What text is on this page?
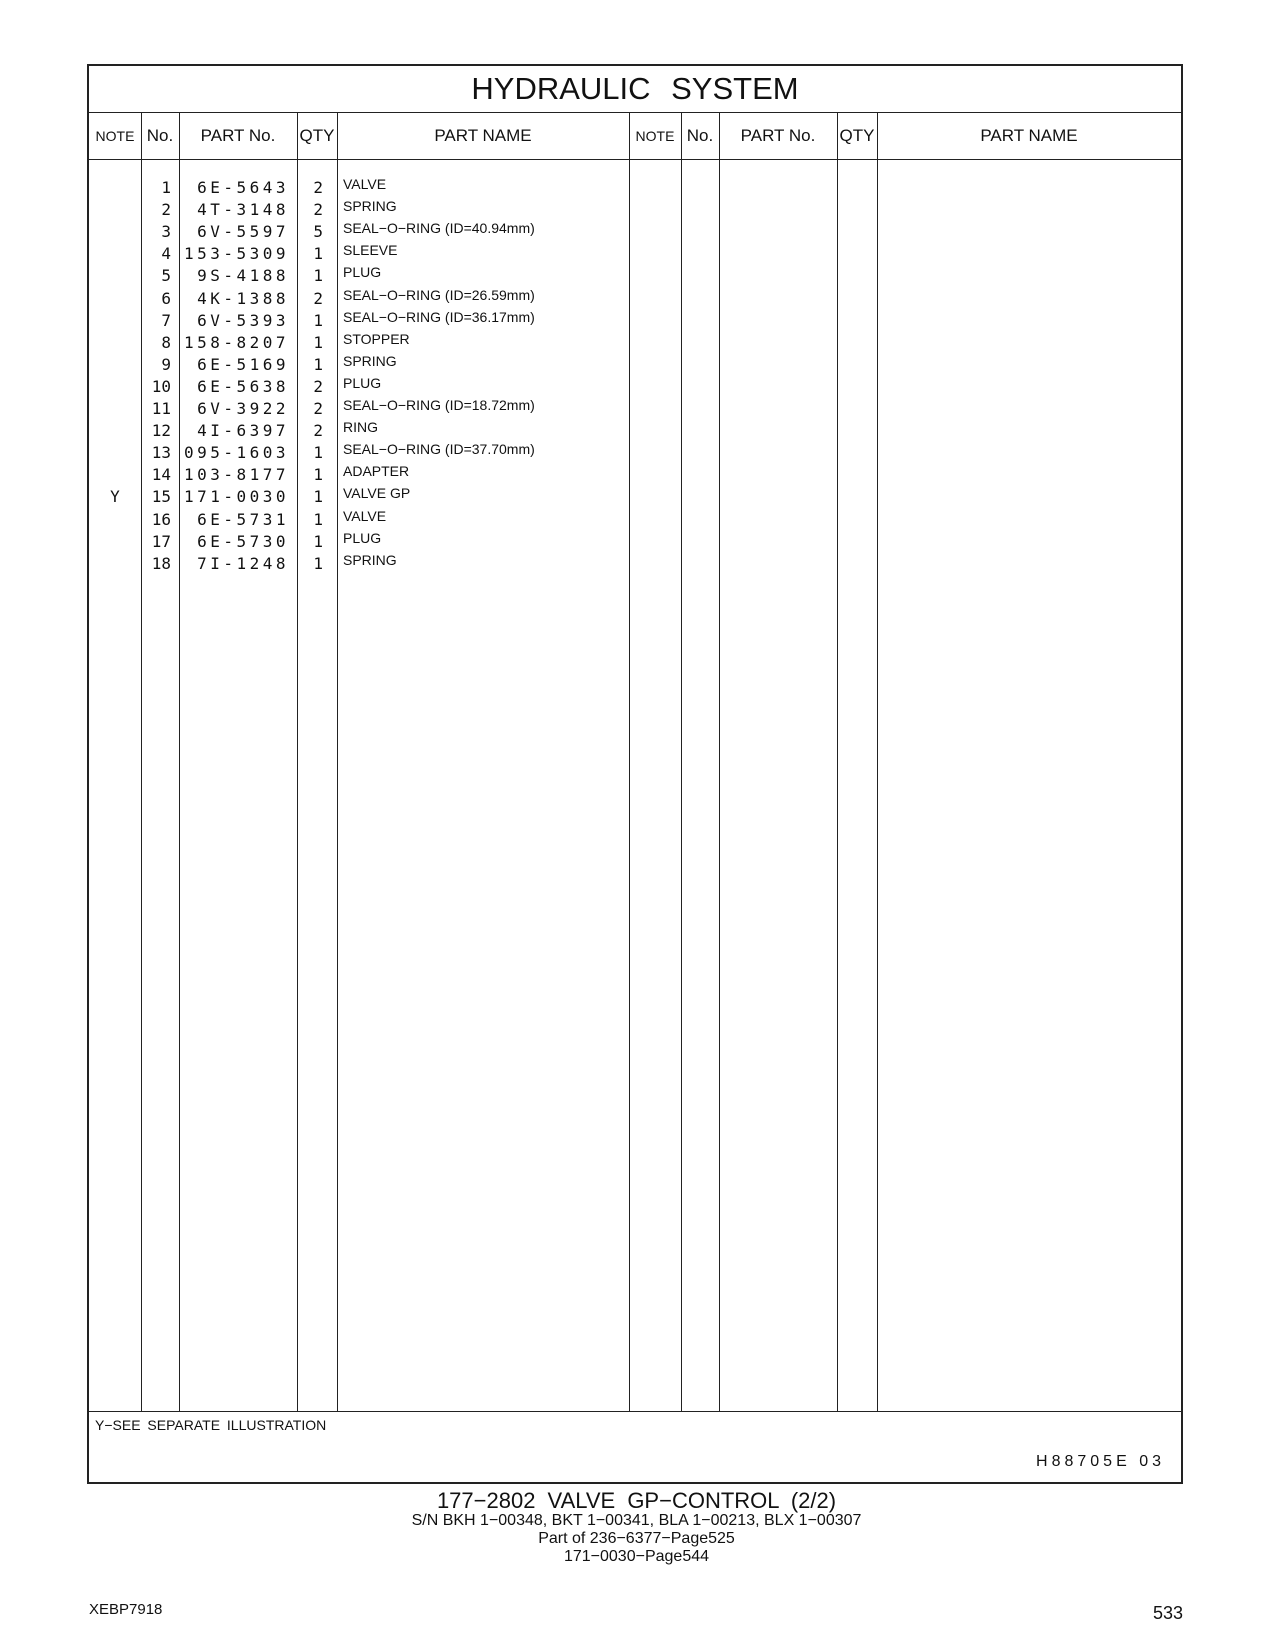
HYDRAULIC SYSTEM
NOTE No.	PART No.	QTY	PART NAME	NOTE No.	PART No.	QTY	PART NAME
1	6E-5643	2 VALVE
2	4T-3148	2 SPRING
3	6V-5597	5 SEAL−O−RING (ID=40.94mm)
4 153-5309	1 SLEEVE
5	9S-4188	1 PLUG
6	4K-1388	2 SEAL−O−RING (ID=26.59mm)
7	6V-5393	1 SEAL−O−RING (ID=36.17mm)
8 158-8207	1 STOPPER
9	6E-5169	1 SPRING
10	6E-5638	2 PLUG
11	6V-3922	2 SEAL−O−RING (ID=18.72mm)
12	4I-6397	2 RING
13 095-1603	1 SEAL−O−RING (ID=37.70mm)
14 103-8177	1 ADAPTER
Y	15 171-0030	1 VALVE GP
16	6E-5731	1 VALVE
17	6E-5730	1 PLUG
18	7I-1248	1 SPRING
Y−SEE SEPARATE ILLUSTRATION
H88705E 03
177−2802 VALVE GP−CONTROL (2/2)
S/N BKH 1−00348, BKT 1−00341, BLA 1−00213, BLX 1−00307
Part of 236−6377−Page525
171−0030−Page544
XEBP7918	533
